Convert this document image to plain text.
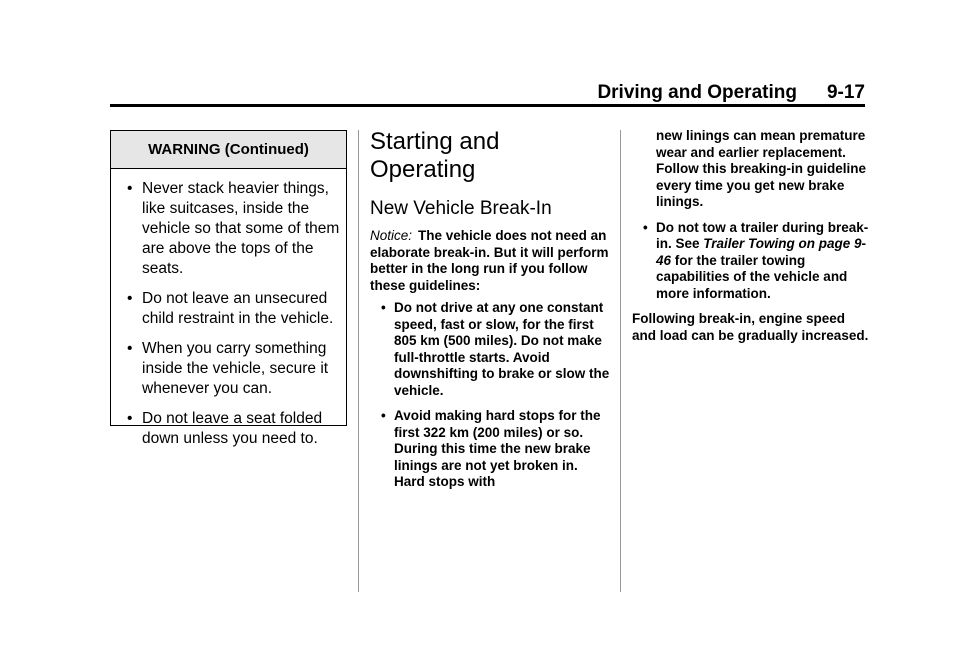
Driving and Operating 9-17
WARNING (Continued)
• Never stack heavier things, like suitcases, inside the vehicle so that some of them are above the tops of the seats.
• Do not leave an unsecured child restraint in the vehicle.
• When you carry something inside the vehicle, secure it whenever you can.
• Do not leave a seat folded down unless you need to.
Starting and
Operating
New Vehicle Break-In

Notice: The vehicle does not need an elaborate break-in. But it will perform better in the long run if you follow these guidelines:

• Do not drive at any one constant speed, fast or slow, for the first 805 km (500 miles). Do not make full-throttle starts. Avoid downshifting to brake or slow the vehicle.
• Avoid making hard stops for the first 322 km (200 miles) or so. During this time the new brake linings are not yet broken in. Hard stops with
new linings can mean premature wear and earlier replacement. Follow this breaking-in guideline every time you get new brake linings.
• Do not tow a trailer during break-in. See Trailer Towing on page 9-46 for the trailer towing capabilities of the vehicle and more information.

Following break-in, engine speed and load can be gradually increased.
